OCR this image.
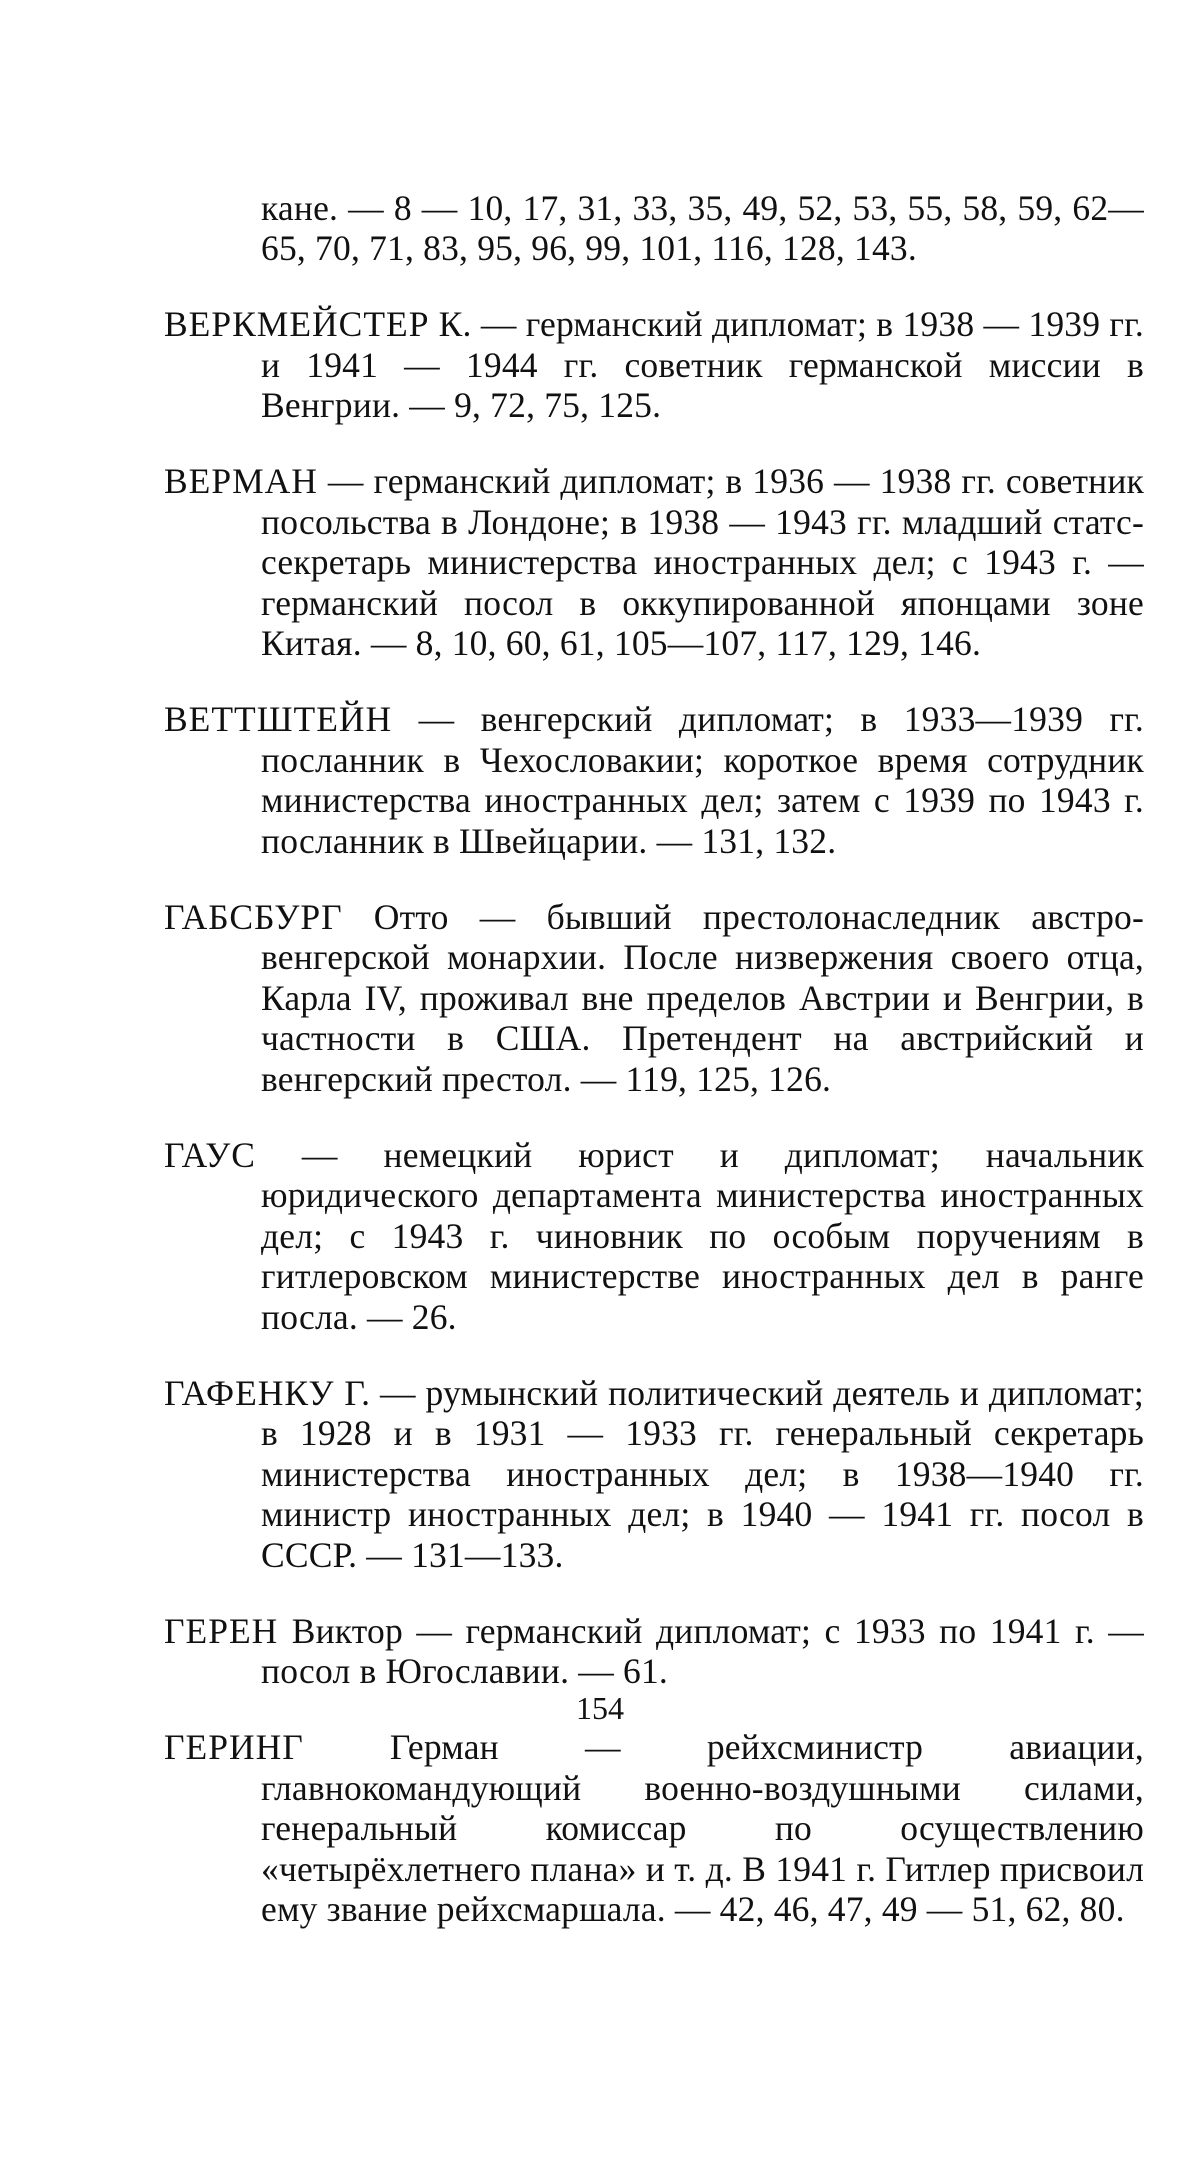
кане. — 8 — 10, 17, 31, 33, 35, 49, 52, 53, 55, 58, 59, 62—65, 70, 71, 83, 95, 96, 99, 101, 116, 128, 143.

ВЕРКМЕЙСТЕР К. — германский дипломат; в 1938 — 1939 гг. и 1941 — 1944 гг. советник германской миссии в Венгрии. — 9, 72, 75, 125.

ВЕРМАН — германский дипломат; в 1936 — 1938 гг. советник посольства в Лондоне; в 1938 — 1943 гг. младший статс-секретарь министерства иностранных дел; с 1943 г. — германский посол в оккупированной японцами зоне Китая. — 8, 10, 60, 61, 105—107, 117, 129, 146.

ВЕТТШТЕЙН — венгерский дипломат; в 1933—1939 гг. посланник в Чехословакии; короткое время сотрудник министерства иностранных дел; затем с 1939 по 1943 г. посланник в Швейцарии. — 131, 132.

ГАБСБУРГ Отто — бывший престолонаследник австро-венгерской монархии. После низвержения своего отца, Карла IV, проживал вне пределов Австрии и Венгрии, в частности в США. Претендент на австрийский и венгерский престол. — 119, 125, 126.

ГАУС — немецкий юрист и дипломат; начальник юридического департамента министерства иностранных дел; с 1943 г. чиновник по особым поручениям в гитлеровском министерстве иностранных дел в ранге посла. — 26.

ГАФЕНКУ Г. — румынский политический деятель и дипломат; в 1928 и в 1931 — 1933 гг. генеральный секретарь министерства иностранных дел; в 1938—1940 гг. министр иностранных дел; в 1940 — 1941 гг. посол в СССР. — 131—133.

ГЕРЕН Виктор — германский дипломат; с 1933 по 1941 г. — посол в Югославии. — 61.

ГЕРИНГ Герман — рейхсминистр авиации, главнокомандующий военно-воздушными силами, генеральный комиссар по осуществлению «четырёхлетнего плана» и т. д. В 1941 г. Гитлер присвоил ему звание рейхсмаршала. — 42, 46, 47, 49 — 51, 62, 80.

154
